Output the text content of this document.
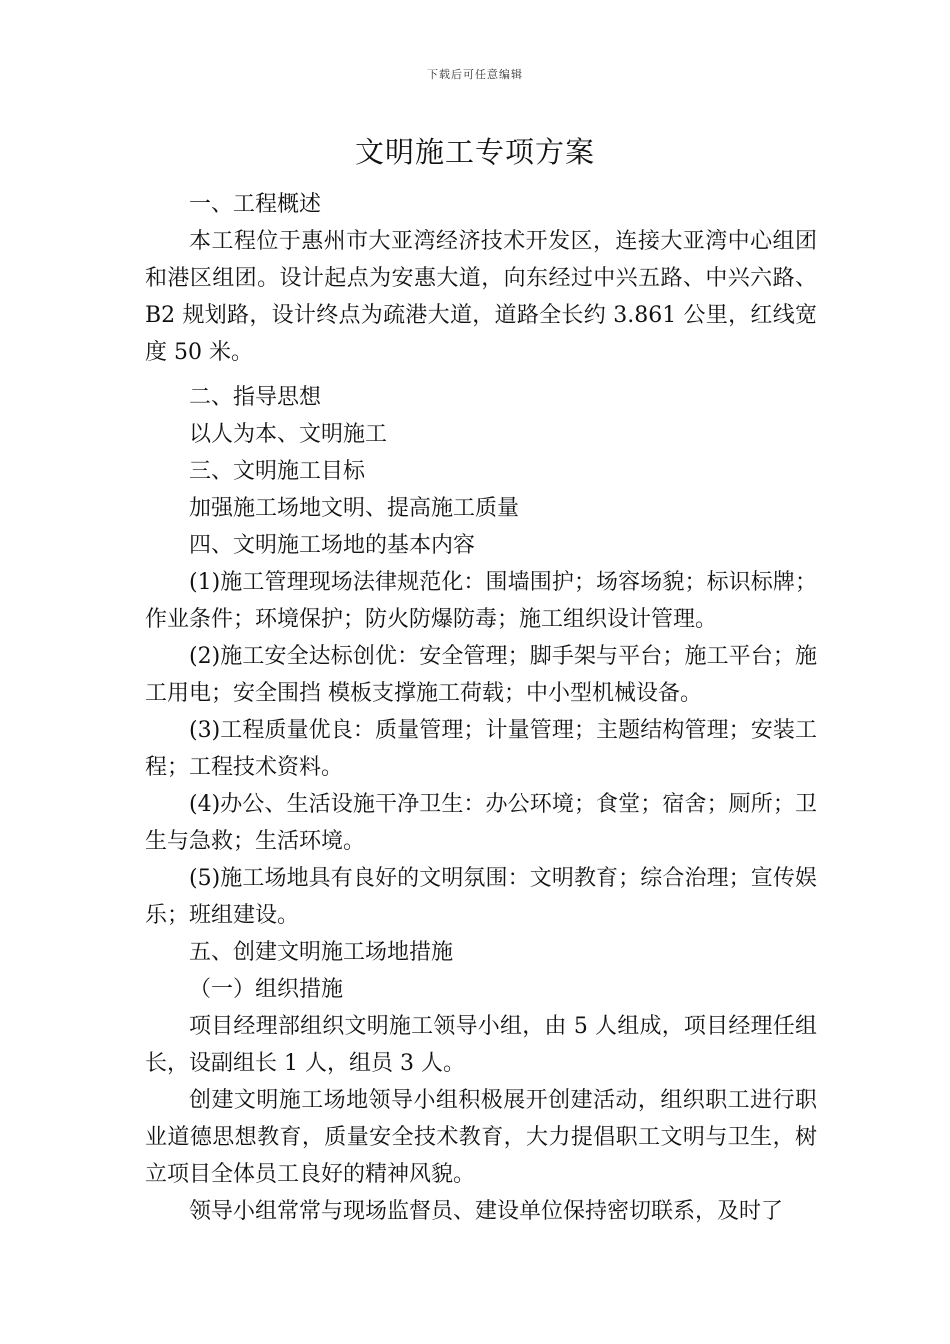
下载后可任意编辑
文明施工专项方案

一、工程概述

本工程位于惠州市大亚湾经济技术开发区，连接大亚湾中心组团和港区组团。设计起点为安惠大道，向东经过中兴五路、中兴六路、B2 规划路，设计终点为疏港大道，道路全长约 3.861 公里，红线宽度 50 米。

二、指导思想

以人为本、文明施工

三、文明施工目标

加强施工场地文明、提高施工质量

四、文明施工场地的基本内容

(1)施工管理现场法律规范化：围墙围护；场容场貌；标识标牌；作业条件；环境保护；防火防爆防毒；施工组织设计管理。

(2)施工安全达标创优：安全管理；脚手架与平台；施工平台；施工用电；安全围挡 模板支撑施工荷载；中小型机械设备。

(3)工程质量优良：质量管理；计量管理；主题结构管理；安装工程；工程技术资料。

(4)办公、生活设施干净卫生：办公环境；食堂；宿舍；厕所；卫生与急救；生活环境。

(5)施工场地具有良好的文明氛围：文明教育；综合治理；宣传娱乐；班组建设。

五、创建文明施工场地措施

（一）组织措施

项目经理部组织文明施工领导小组，由 5 人组成，项目经理任组长，设副组长 1 人，组员 3 人。

创建文明施工场地领导小组积极展开创建活动，组织职工进行职业道德思想教育，质量安全技术教育，大力提倡职工文明与卫生，树立项目全体员工良好的精神风貌。

领导小组常常与现场监督员、建设单位保持密切联系，及时了
